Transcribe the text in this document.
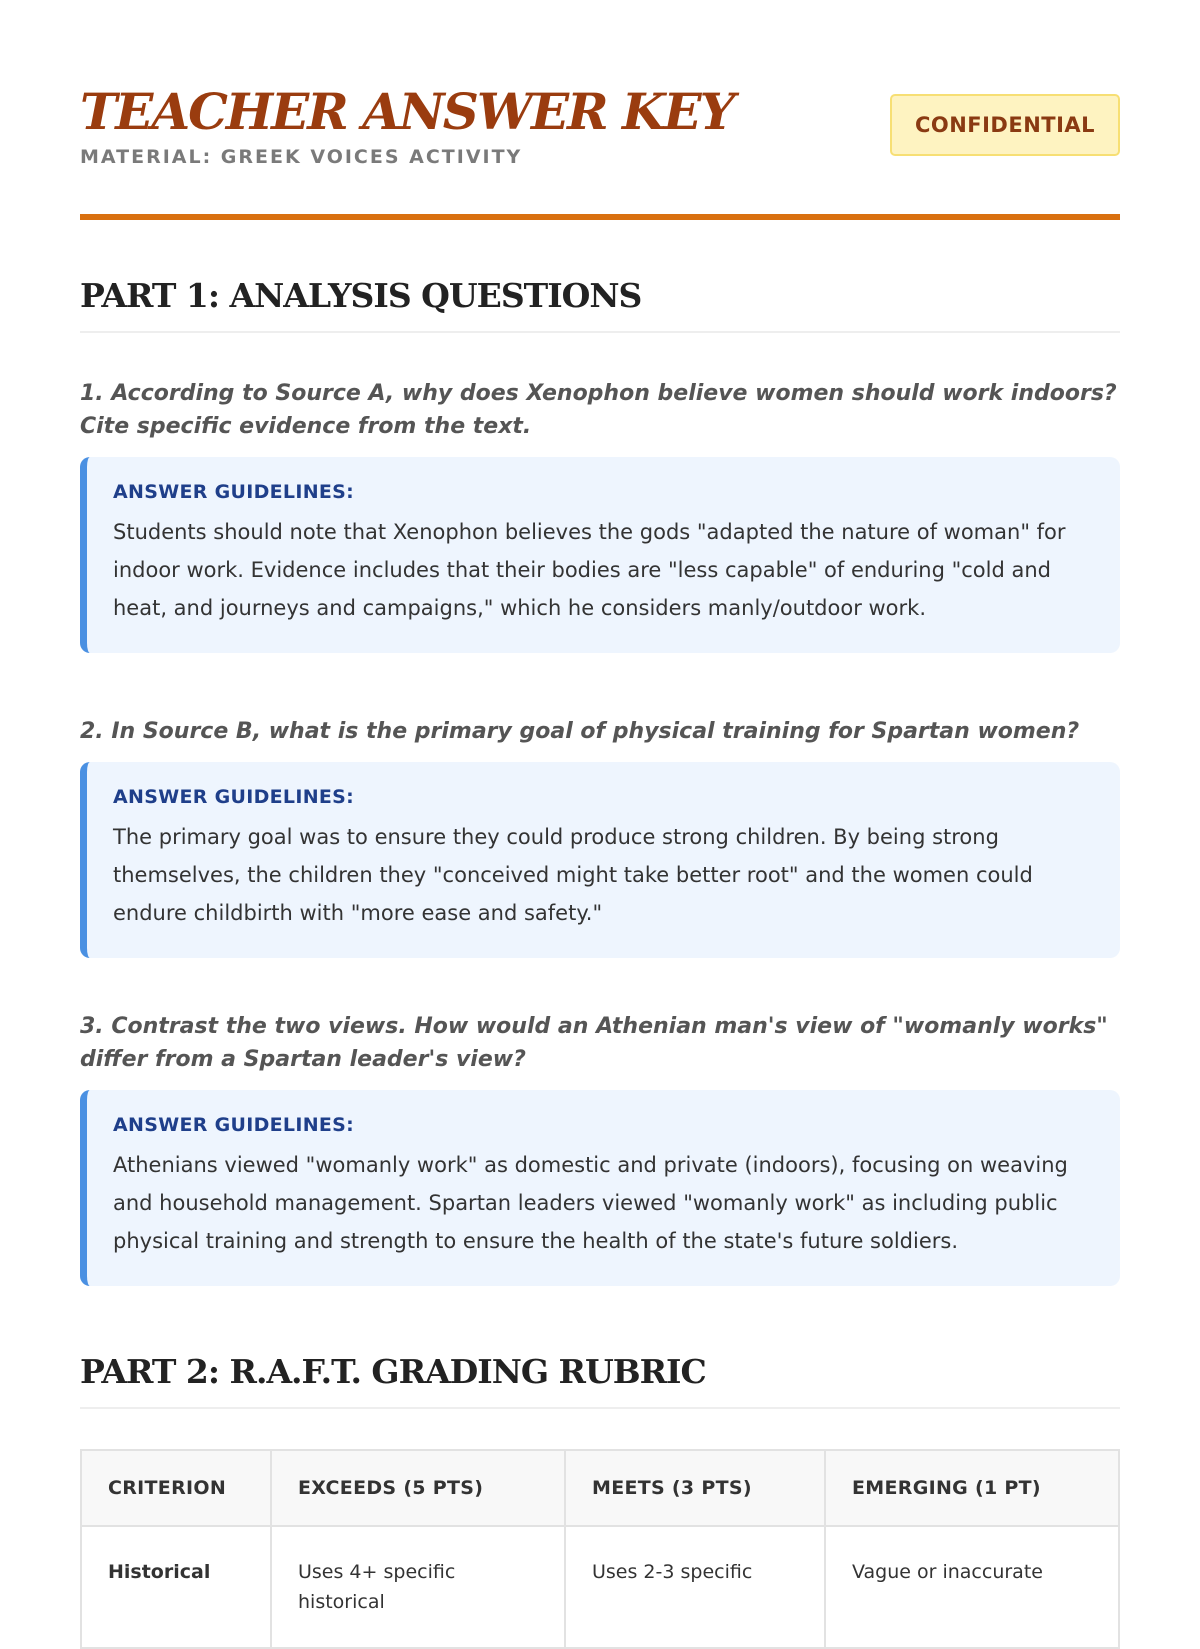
TEACHER ANSWER KEY
MATERIAL: GREEK VOICES ACTIVITY
CONFIDENTIAL
PART 1: ANALYSIS QUESTIONS
1. According to Source A, why does Xenophon believe women should work indoors? Cite specific evidence from the text.
ANSWER GUIDELINES:
Students should note that Xenophon believes the gods "adapted the nature of woman" for indoor work. Evidence includes that their bodies are "less capable" of enduring "cold and heat, and journeys and campaigns," which he considers manly/outdoor work.
2. In Source B, what is the primary goal of physical training for Spartan women?
ANSWER GUIDELINES:
The primary goal was to ensure they could produce strong children. By being strong themselves, the children they "conceived might take better root" and the women could endure childbirth with "more ease and safety."
3. Contrast the two views. How would an Athenian man's view of "womanly works" differ from a Spartan leader's view?
ANSWER GUIDELINES:
Athenians viewed "womanly work" as domestic and private (indoors), focusing on weaving and household management. Spartan leaders viewed "womanly work" as including public physical training and strength to ensure the health of the state's future soldiers.
PART 2: R.A.F.T. GRADING RUBRIC
CRITERION	EXCEEDS (5 PTS)	MEETS (3 PTS)	EMERGING (1 PT)
Historical	Uses 4+ specific historical	Uses 2-3 specific	Vague or inaccurate
